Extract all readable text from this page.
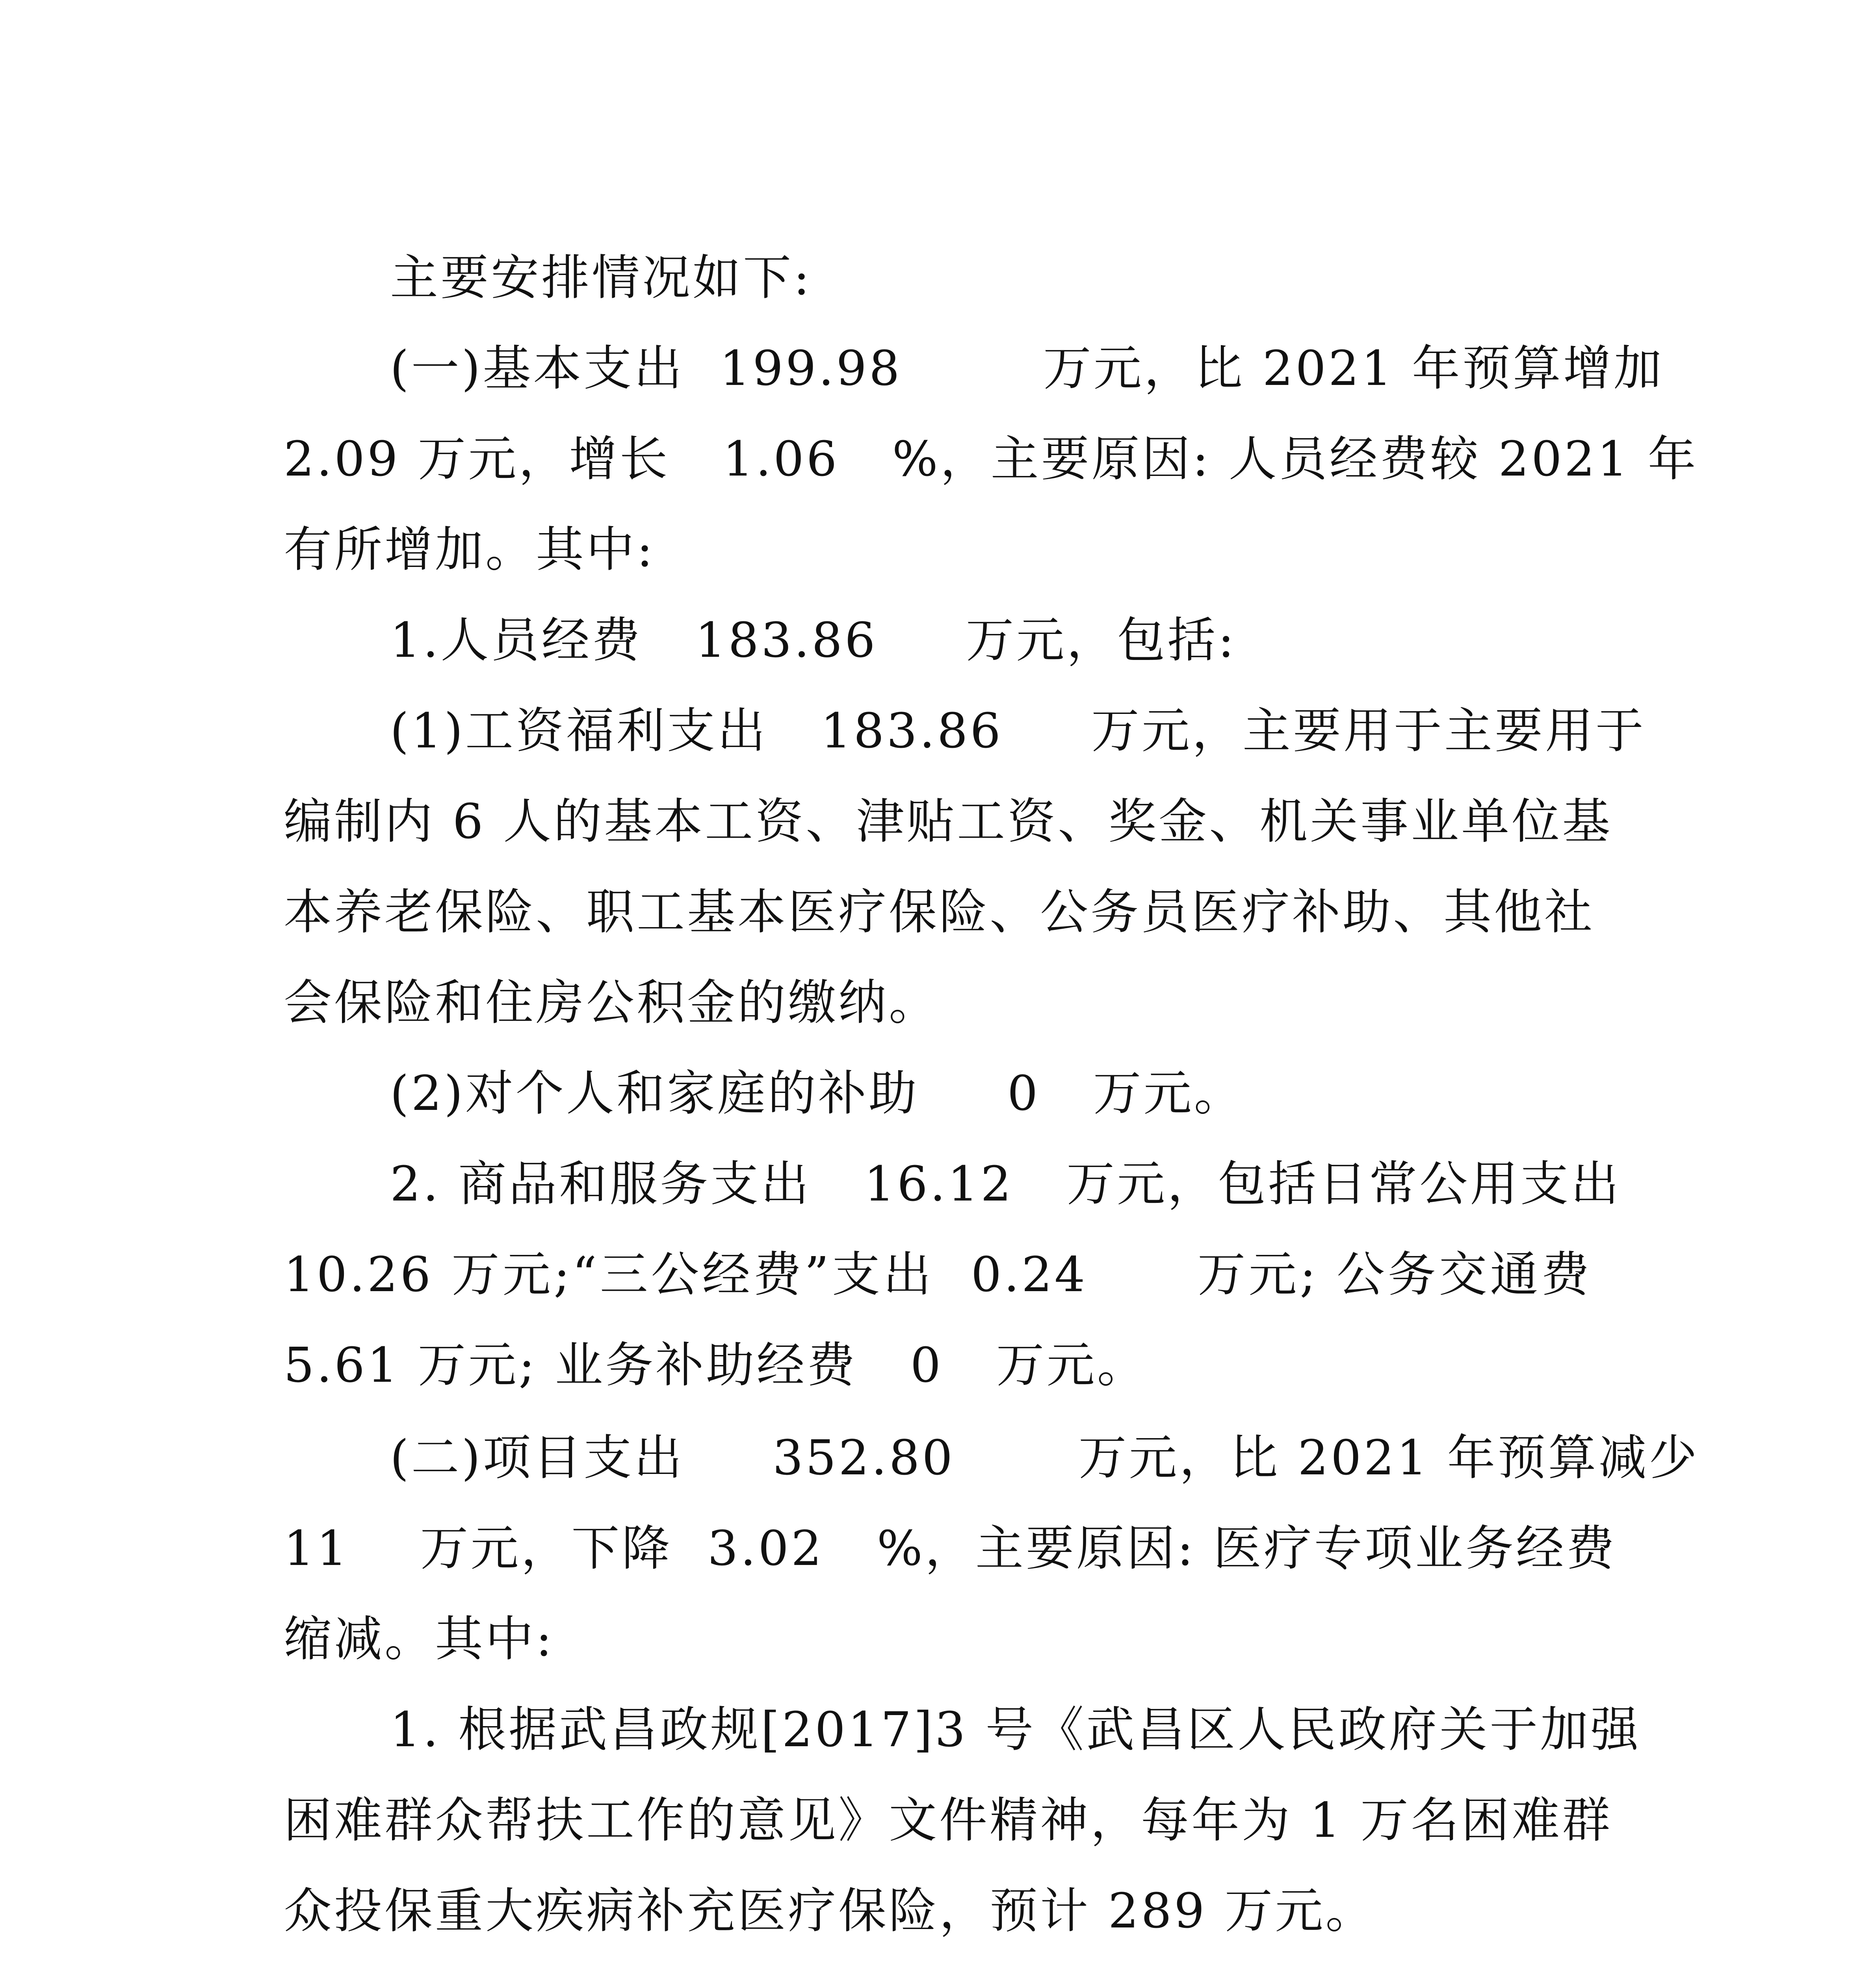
主要安排情况如下:

(一)基本支出  199.98        万元，比 2021 年预算增加

2.09 万元，增长   1.06   %，主要原因: 人员经费较 2021 年

有所增加。其中:

1.人员经费   183.86     万元，包括:

(1)工资福利支出   183.86     万元，主要用于主要用于

编制内 6 人的基本工资、津贴工资、奖金、机关事业单位基

本养老保险、职工基本医疗保险、公务员医疗补助、其他社

会保险和住房公积金的缴纳。

(2)对个人和家庭的补助     0   万元。

2. 商品和服务支出   16.12   万元，包括日常公用支出

10.26 万元;“三公经费”支出  0.24      万元; 公务交通费

5.61 万元; 业务补助经费   0   万元。

(二)项目支出     352.80       万元，比 2021 年预算减少

11    万元，下降  3.02   %，主要原因: 医疗专项业务经费

缩减。其中:

1. 根据武昌政规[2017]3 号《武昌区人民政府关于加强

困难群众帮扶工作的意见》文件精神，每年为 1 万名困难群

众投保重大疾病补充医疗保险，预计 289 万元。
